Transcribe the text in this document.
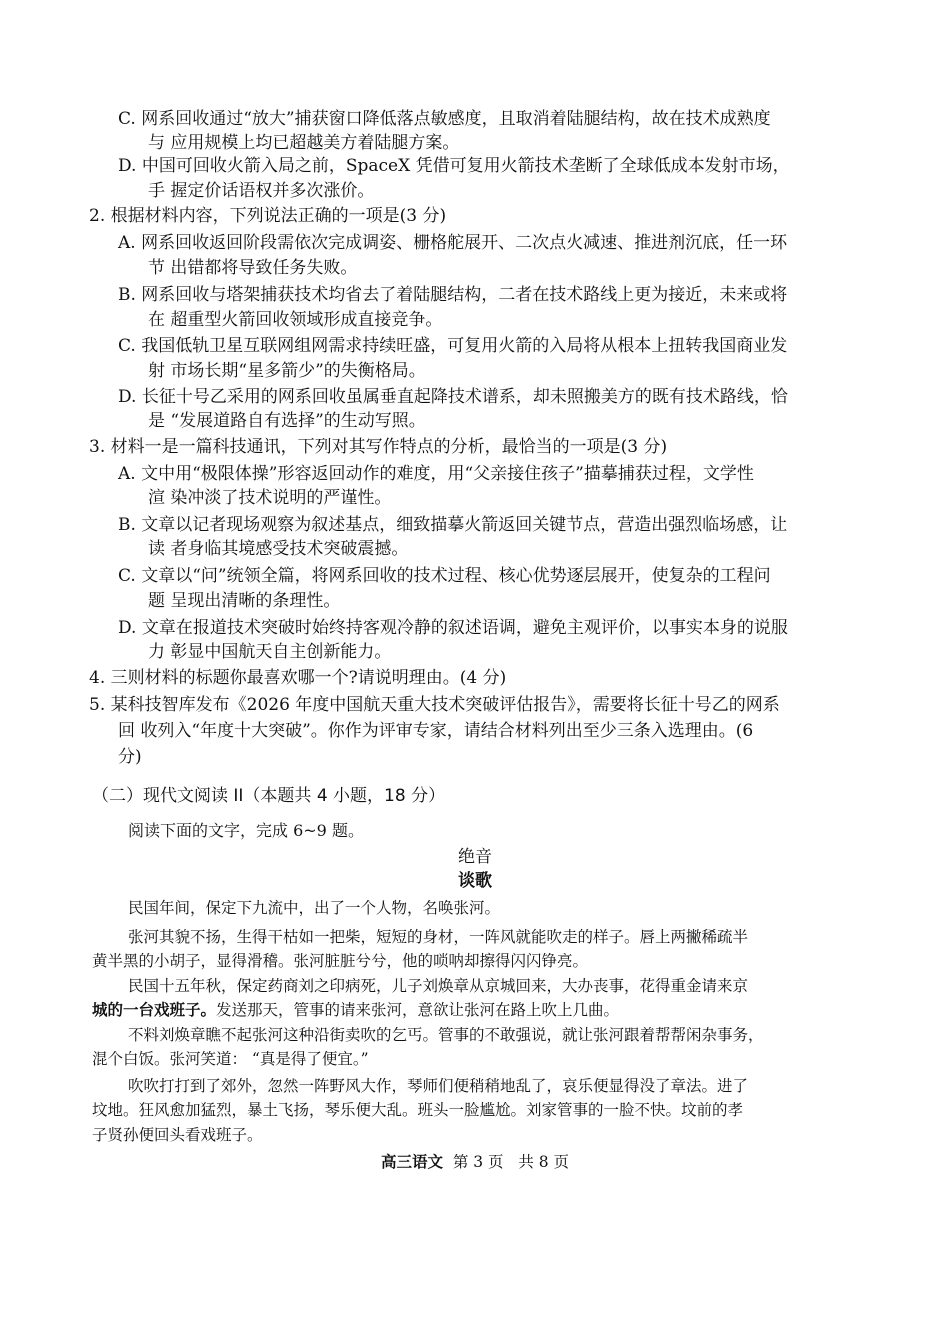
C. 网系回收通过“放大”捕获窗口降低落点敏感度，且取消着陆腿结构，故在技术成熟度
与 应用规模上均已超越美方着陆腿方案。
D. 中国可回收火箭入局之前，SpaceX 凭借可复用火箭技术垄断了全球低成本发射市场，
手 握定价话语权并多次涨价。
2. 根据材料内容，下列说法正确的一项是(3 分)
A. 网系回收返回阶段需依次完成调姿、栅格舵展开、二次点火减速、推进剂沉底，任一环
节 出错都将导致任务失败。
B. 网系回收与塔架捕获技术均省去了着陆腿结构，二者在技术路线上更为接近，未来或将
在 超重型火箭回收领域形成直接竞争。
C. 我国低轨卫星互联网组网需求持续旺盛，可复用火箭的入局将从根本上扭转我国商业发
射 市场长期“星多箭少”的失衡格局。
D. 长征十号乙采用的网系回收虽属垂直起降技术谱系，却未照搬美方的既有技术路线，恰
是 “发展道路自有选择”的生动写照。
3. 材料一是一篇科技通讯，下列对其写作特点的分析，最恰当的一项是(3 分)
A. 文中用“极限体操”形容返回动作的难度，用“父亲接住孩子”描摹捕获过程，文学性
渲 染冲淡了技术说明的严谨性。
B. 文章以记者现场观察为叙述基点，细致描摹火箭返回关键节点，营造出强烈临场感，让
读 者身临其境感受技术突破震撼。
C. 文章以“问”统领全篇，将网系回收的技术过程、核心优势逐层展开，使复杂的工程问
题 呈现出清晰的条理性。
D. 文章在报道技术突破时始终持客观冷静的叙述语调，避免主观评价，以事实本身的说服
力 彰显中国航天自主创新能力。
4. 三则材料的标题你最喜欢哪一个?请说明理由。(4 分)
5. 某科技智库发布《2026 年度中国航天重大技术突破评估报告》，需要将长征十号乙的网系
回 收列入“年度十大突破”。你作为评审专家，请结合材料列出至少三条入选理由。(6
分)
（二）现代文阅读 II（本题共 4 小题，18 分）
阅读下面的文字，完成 6~9 题。
绝音
谈歌
民国年间，保定下九流中，出了一个人物，名唤张河。
张河其貌不扬，生得干枯如一把柴，短短的身材，一阵风就能吹走的样子。唇上两撇稀疏半
黄半黑的小胡子，显得滑稽。张河脏脏兮兮，他的唢呐却擦得闪闪铮亮。
民国十五年秋，保定药商刘之印病死，儿子刘焕章从京城回来，大办丧事，花得重金请来京
城的一台戏班子。发送那天，管事的请来张河，意欲让张河在路上吹上几曲。
不料刘焕章瞧不起张河这种沿街卖吹的乞丐。管事的不敢强说，就让张河跟着帮帮闲杂事务，
混个白饭。张河笑道： “真是得了便宜。”
吹吹打打到了郊外，忽然一阵野风大作，琴师们便稍稍地乱了，哀乐便显得没了章法。进了
坟地。狂风愈加猛烈，暴土飞扬，琴乐便大乱。班头一脸尴尬。刘家管事的一脸不快。坟前的孝
子贤孙便回头看戏班子。
高三语文 第 3 页 共 8 页
